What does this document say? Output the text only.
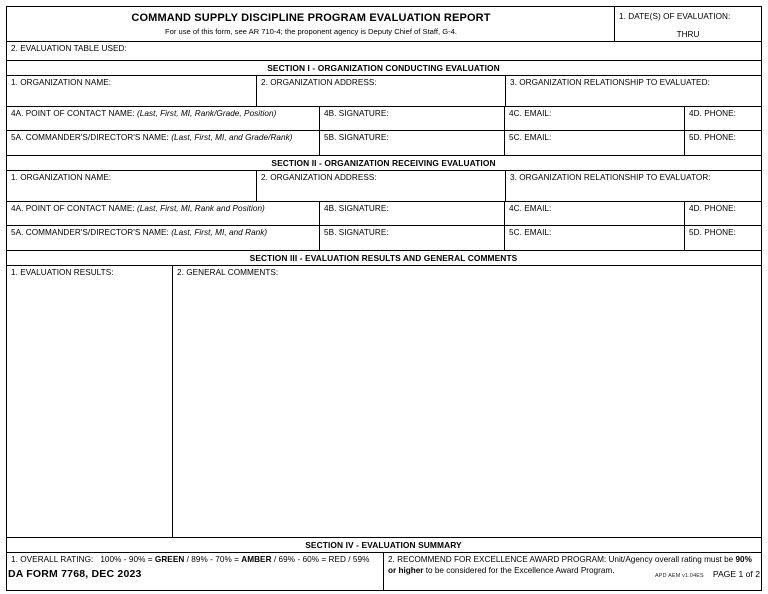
COMMAND SUPPLY DISCIPLINE PROGRAM EVALUATION REPORT
For use of this form, see AR 710-4; the proponent agency is Deputy Chief of Staff, G-4.
1. DATE(S) OF EVALUATION:
THRU
2. EVALUATION TABLE USED:
SECTION I - ORGANIZATION CONDUCTING EVALUATION
1. ORGANIZATION NAME:	2. ORGANIZATION ADDRESS:	3. ORGANIZATION RELATIONSHIP TO EVALUATED:
4A. POINT OF CONTACT NAME: (Last, First, MI, Rank/Grade, Position)	4B. SIGNATURE:	4C. EMAIL:	4D. PHONE:
5A. COMMANDER'S/DIRECTOR'S NAME: (Last, First, MI, and Grade/Rank)	5B. SIGNATURE:	5C. EMAIL:	5D. PHONE:
SECTION II - ORGANIZATION RECEIVING EVALUATION
1. ORGANIZATION NAME:	2. ORGANIZATION ADDRESS:	3. ORGANIZATION RELATIONSHIP TO EVALUATOR:
4A. POINT OF CONTACT NAME: (Last, First, MI, Rank and Position)	4B. SIGNATURE:	4C. EMAIL:	4D. PHONE:
5A. COMMANDER'S/DIRECTOR'S NAME: (Last, First, MI, and Rank)	5B. SIGNATURE:	5C. EMAIL:	5D. PHONE:
SECTION III - EVALUATION RESULTS AND GENERAL COMMENTS
1. EVALUATION RESULTS:	2. GENERAL COMMENTS:
SECTION IV - EVALUATION SUMMARY
1. OVERALL RATING: 100% - 90% = GREEN / 89% - 70% = AMBER / 69% - 60% = RED / 59%	2. RECOMMEND FOR EXCELLENCE AWARD PROGRAM: Unit/Agency overall rating must be 90% or higher to be considered for the Excellence Award Program.
DA FORM 7768, DEC 2023	APD AEM v1.04ES PAGE 1 of 2
